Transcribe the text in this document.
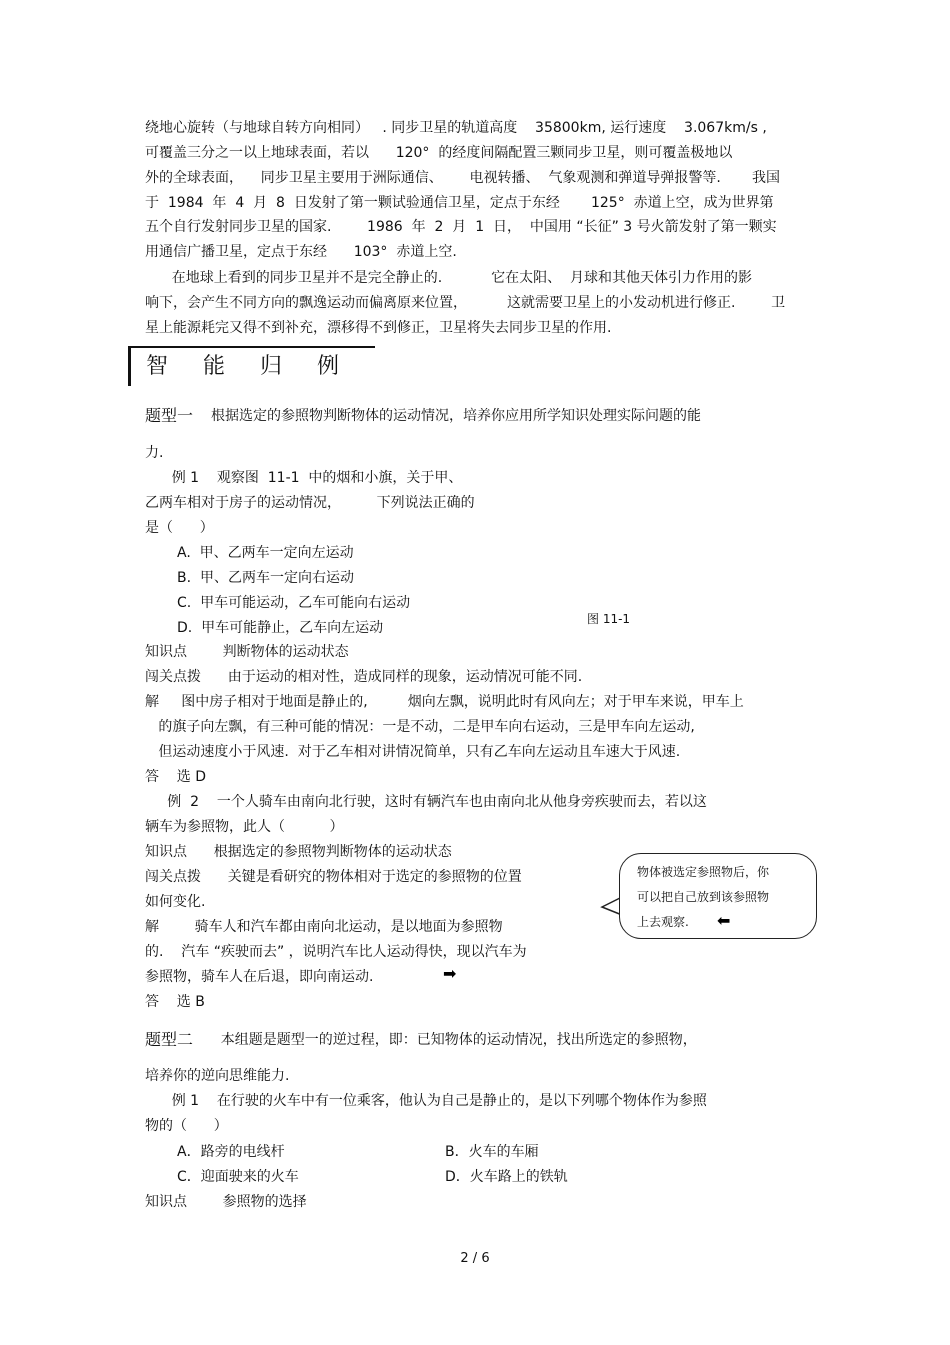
绕地心旋转（与地球自转方向相同）   . 同步卫星的轨道高度    35800km, 运行速度    3.067km/s ,
可覆盖三分之一以上地球表面，若以      120°  的经度间隔配置三颗同步卫星，则可覆盖极地以
外的全球表面，    同步卫星主要用于洲际通信、      电视转播、  气象观测和弹道导弹报警等.       我国
于  1984  年  4  月  8  日发射了第一颗试验通信卫星，定点于东经       125°  赤道上空，成为世界第
五个自行发射同步卫星的国家.        1986  年  2  月  1  日，  中国用 “长征” 3 号火箭发射了第一颗实
用通信广播卫星，定点于东经      103°  赤道上空.
在地球上看到的同步卫星并不是完全静止的.           它在太阳、  月球和其他天体引力作用的影
响下，会产生不同方向的飘逸运动而偏离原来位置，         这就需要卫星上的小发动机进行修正.        卫
星上能源耗完又得不到补充，漂移得不到修正，卫星将失去同步卫星的作用.
智 能 归 例
题型一 根据选定的参照物判断物体的运动情况，培养你应用所学知识处理实际问题的能
力.
例 1    观察图  11-1  中的烟和小旗，关于甲、
乙两车相对于房子的运动情况，        下列说法正确的
是（      ）
A.  甲、乙两车一定向左运动
B.  甲、乙两车一定向右运动
C.  甲车可能运动，乙车可能向右运动
D.  甲车可能静止，乙车向左运动
图 11-1
知识点        判断物体的运动状态
闯关点拨      由于运动的相对性，造成同样的现象，运动情况可能不同.
解     图中房子相对于地面是静止的,         烟向左飘，说明此时有风向左；对于甲车来说，甲车上
的旗子向左飘，有三种可能的情况：一是不动，二是甲车向右运动，三是甲车向左运动,
但运动速度小于风速.  对于乙车相对讲情况简单，只有乙车向左运动且车速大于风速.
答    选 D
例  2    一个人骑车由南向北行驶，这时有辆汽车也由南向北从他身旁疾驶而去，若以这
辆车为参照物，此人（          ）
知识点      根据选定的参照物判断物体的运动状态
闯关点拨      关键是看研究的物体相对于选定的参照物的位置
如何变化.
解        骑车人和汽车都由南向北运动，是以地面为参照物
的.    汽车 “疾驶而去” ，说明汽车比人运动得快，现以汽车为
参照物，骑车人在后退，即向南运动.	➡
答    选 B
物体被选定参照物后，你
可以把自己放到该参照物
上去观察. ⬅
题型二 本组题是题型一的逆过程，即：已知物体的运动情况，找出所选定的参照物，
培养你的逆向思维能力.
例 1    在行驶的火车中有一位乘客，他认为自己是静止的，是以下列哪个物体作为参照
物的（      ）
A．路旁的电线杆	B．火车的车厢
C．迎面驶来的火车	D．火车路上的铁轨
知识点        参照物的选择
2 / 6
